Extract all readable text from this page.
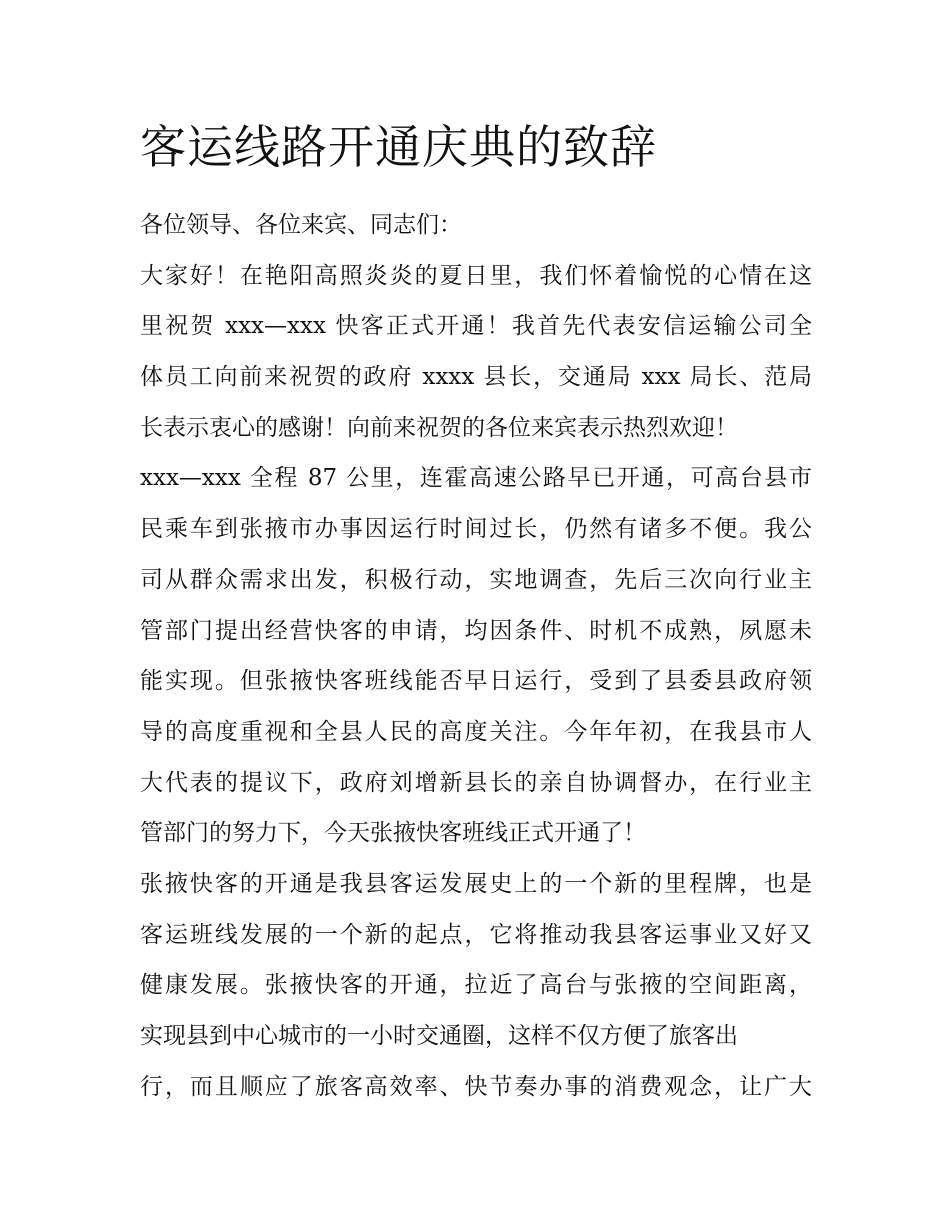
客运线路开通庆典的致辞
各位领导、各位来宾、同志们：
大家好！在艳阳高照炎炎的夏日里，我们怀着愉悦的心情在这
里祝贺 xxx—xxx 快客正式开通！我首先代表安信运输公司全
体员工向前来祝贺的政府 xxxx 县长，交通局 xxx 局长、范局
长表示衷心的感谢！向前来祝贺的各位来宾表示热烈欢迎！
xxx—xxx 全程 87 公里，连霍高速公路早已开通，可高台县市
民乘车到张掖市办事因运行时间过长，仍然有诸多不便。我公
司从群众需求出发，积极行动，实地调查，先后三次向行业主
管部门提出经营快客的申请，均因条件、时机不成熟，夙愿未
能实现。但张掖快客班线能否早日运行，受到了县委县政府领
导的高度重视和全县人民的高度关注。今年年初，在我县市人
大代表的提议下，政府刘增新县长的亲自协调督办，在行业主
管部门的努力下，今天张掖快客班线正式开通了！
张掖快客的开通是我县客运发展史上的一个新的里程牌，也是
客运班线发展的一个新的起点，它将推动我县客运事业又好又
健康发展。张掖快客的开通，拉近了高台与张掖的空间距离，
实现县到中心城市的一小时交通圈，这样不仅方便了旅客出
行，而且顺应了旅客高效率、快节奏办事的消费观念，让广大
